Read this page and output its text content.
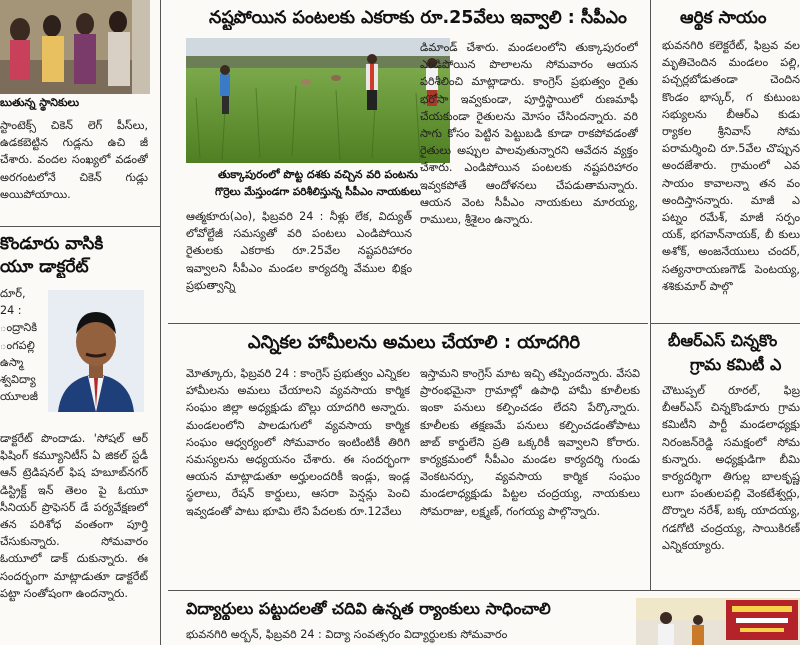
బుతున్న స్థానికులు
స్టాంటెక్స్ చికెన్ లెగ్ పీస్‌లు, ఉడకబెట్టిన గుడ్లను ఉచి జీ చేశారు. వందల సంఖ్యలో వడంతో అరగంటలోనే చికెన్ గుడ్లు అయిపోయాయి.
కొండూరు వాసికి
యూ డాక్టరేట్
దూర్,
24 :
ంద్రానికి
ంగపల్లి
ఉస్మా
శ్వవిద్యా
యూలజీ
డాక్టరేట్ పొందాడు. 'సోషల్ ఆర్ ఫిషింగ్ కమ్యూనిటీస్ ఏ జికల్ స్టడీ ఆన్ ట్రెడిషనల్ ఫిష హబూబ్‌నగర్ డిస్ట్రిక్ట్ ఇన్ తెలం పై ఓయూ సీనియర్ ప్రొఫెసర్ డే పర్యవేక్షణలో తన పరిశోధ వంతంగా పూర్తి చేసుకున్నారు. సోమవారం ఓయూలో డాక్ దుకున్నారు. ఈ సందర్భంగా మాట్లాడుతూ డాక్టరేట్ పట్టా సంతోషంగా ఉందన్నారు.
నష్టపోయిన పంటలకు ఎకరాకు రూ.25వేలు ఇవ్వాలి : సీపీఎం
తుక్కాపురంలో పొట్ట దశకు వచ్చిన వరి పంటను
గొర్రెలు మేస్తుండగా పరిశీలిస్తున్న సీపీఎం నాయకులు
ఆత్మకూరు(ఎం), ఫిబ్రవరి 24 : నీళ్లు లేక, విద్యుత్ లోవోల్టేజీ సమస్యతో వరి పంటలు ఎండిపోయిన రైతులకు ఎకరాకు రూ.25వేల నష్టపరిహారం ఇవ్వాలని సీపీఎం మండల కార్యదర్శి వేముల భిక్షం ప్రభుత్వాన్ని
డిమాండ్ చేశారు. మండలంలోని తుక్కాపురంలో ఎండిపోయిన పొలాలను సోమవారం ఆయన పరిశీలించి మాట్లాడారు. కాంగ్రెస్ ప్రభుత్వం రైతు భరోసా ఇవ్వకుండా, పూర్తిస్థాయిలో రుణమాఫీ చేయకుండా రైతులను మోసం చేసిందన్నారు. వరి సాగు కోసం పెట్టిన పెట్టుబడి కూడా రాకపోవడంతో రైతులు అప్పుల పాలవుతున్నారని ఆవేదన వ్యక్తం చేశారు. ఎండిపోయిన పంటలకు నష్టపరిహారం ఇవ్వకపోతే ఆందోళనలు చేపడుతామన్నారు. ఆయన వెంట సీపీఎం నాయకులు మారయ్య, రాములు, శ్రీశైలం ఉన్నారు.
ఎన్నికల హామీలను అమలు చేయాలి : యాదగిరి
మోత్కూరు, ఫిబ్రవరి 24 : కాంగ్రెస్ ప్రభుత్వం ఎన్నికల హామీలను అమలు చేయాలని వ్యవసాయ కార్మిక సంఘం జిల్లా అధ్యక్షుడు బొల్లు యాదగిరి అన్నారు. మండలంలోని పాలడుగులో వ్యవసాయ కార్మిక సంఘం ఆధ్వర్యంలో సోమవారం ఇంటింటికీ తిరిగి సమస్యలను అధ్యయనం చేశారు. ఈ సందర్భంగా ఆయన మాట్లాడుతూ అర్హులందరికీ ఇండ్లు, ఇండ్ల స్థలాలు, రేషన్ కార్డులు, ఆసరా పెన్షన్లు పెంచి ఇవ్వడంతో పాటు భూమి లేని పేదలకు రూ.12వేలు
ఇస్తామని కాంగ్రెస్ మాట ఇచ్చి తప్పిందన్నారు. వేసవి ప్రారంభమైనా గ్రామాల్లో ఉపాధి హామీ కూలీలకు ఇంకా పనులు కల్పించడం లేదని పేర్కొన్నారు. కూలీలకు తక్షణమే పనులు కల్పించడంతోపాటు జాబ్ కార్డులేని ప్రతి ఒక్కరికీ ఇవ్వాలని కోరారు. కార్యక్రమంలో సీపీఎం మండల కార్యదర్శి గుండు వెంకటనర్సు, వ్యవసాయ కార్మిక సంఘం మండలాధ్యక్షుడు పిట్టల చంద్రయ్య, నాయకులు సోమరాజు, లక్ష్మణ్, గంగయ్య పాల్గొన్నారు.
విద్యార్థులు పట్టుదలతో చదివి ఉన్నత ర్యాంకులు సాధించాలి
భువనగిరి అర్బన్, ఫిబ్రవరి 24 : విద్యా సంవత్సరం విద్యార్థులకు సోమవారం
ఆర్థిక సాయం
భువనగిరి కలెక్టరేట్, ఫిబ్రవ వల మృతిచెందిన మండలం పల్లి, పచ్చర్లబోడుతండా చెందిన కొండం భాస్కర్, గ కుటుంబ సభ్యులను బీఆర్‌ఎ కుడు ర్యాకల శ్రీనివాస్ సోమ పరామర్శించి రూ.5వేల చొప్పున అందజేశారు. గ్రామంలో ఎవ సాయం కావాలన్నా తన వం అందిస్తానన్నారు. మాజీ ఎ పట్నం రమేశ్, మాజీ సర్పం యక్, భగవాన్‌నాయక్, బీ కులు అశోక్, అంజనేయులు చందర్, సత్యనారాయణగౌడ్ పెంటయ్య, శశికుమార్ పాల్గొ
బీఆర్‌ఎస్ చిన్నకొం
గ్రామ కమిటీ ఎ
చౌటుప్పల్ రూరల్, ఫిబ్ర బీఆర్‌ఎస్ చిన్నకొండూరు గ్రామ కమిటీని పార్టీ మండలాధ్యక్షు నిరంజన్‌రెడ్డి సమక్షంలో సోమ కున్నారు. అధ్యక్షుడిగా బీమి కార్యదర్శిగా తిగుల్ల బాలకృష్ణ లుగా పంతులపల్లి వెంకటేశ్వర్లు, దొర్నాల నరేశ్, బక్క యాదయ్య, గడగోటి చంద్రయ్య, సాయికిరణ్ ఎన్నికయ్యారు.
